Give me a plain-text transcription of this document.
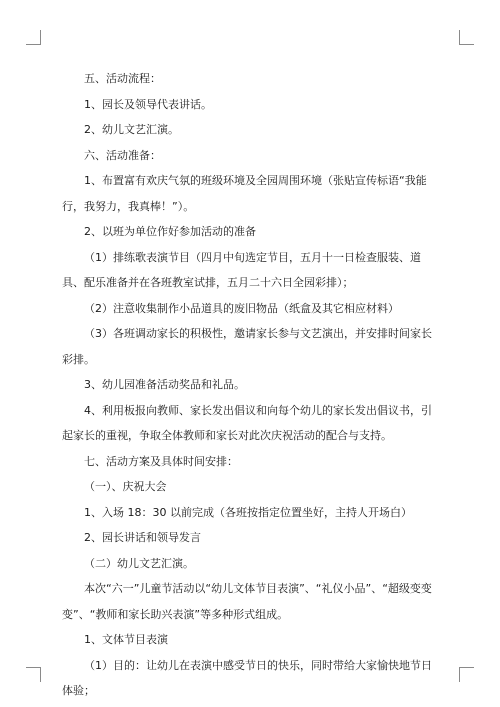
五、活动流程：

1、园长及领导代表讲话。

2、幼儿文艺汇演。

六、活动准备：

1、布置富有欢庆气氛的班级环境及全园周围环境（张贴宣传标语“我能行，我努力，我真棒！”）。

2、以班为单位作好参加活动的准备

（1）排练歌表演节目（四月中旬选定节目，五月十一日检查服装、道具、配乐准备并在各班教室试排，五月二十六日全园彩排）；

（2）注意收集制作小品道具的废旧物品（纸盒及其它相应材料）

（3）各班调动家长的积极性，邀请家长参与文艺演出，并安排时间家长彩排。

3、幼儿园准备活动奖品和礼品。

4、利用板报向教师、家长发出倡议和向每个幼儿的家长发出倡议书，引起家长的重视，争取全体教师和家长对此次庆祝活动的配合与支持。

七、活动方案及具体时间安排：

（一）、庆祝大会

1、入场 18：30 以前完成（各班按指定位置坐好，主持人开场白）

2、园长讲话和领导发言

（二）幼儿文艺汇演。

本次“六一”儿童节活动以“幼儿文体节目表演”、“礼仪小品”、“超级变变变”、“教师和家长助兴表演”等多种形式组成。

1、文体节目表演

（1）目的：让幼儿在表演中感受节日的快乐，同时带给大家愉快地节日体验；
